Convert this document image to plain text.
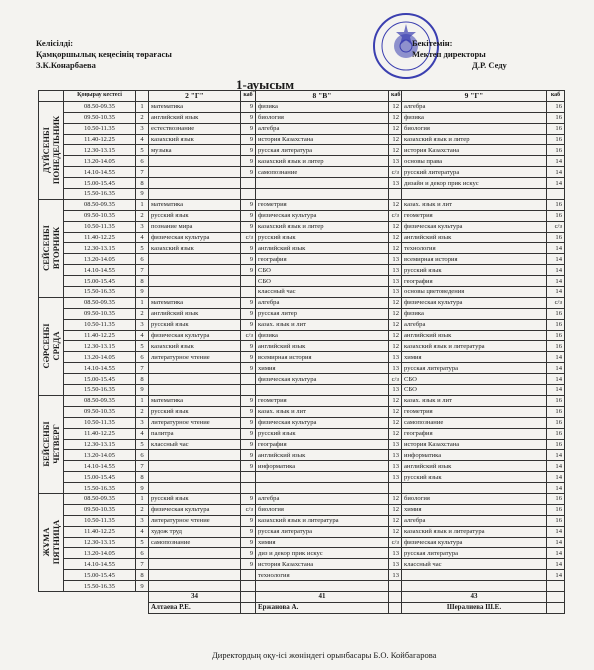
Келісілді:
Қамқоршылық кеңесінің төрағасы
З.К.Конарбаева
Бекітемін:
Мектеп директоры
Д.Р. Седу
1-ауысым
	Қоңырау кестесі		2 "Г"	каб	8 "В"	каб	9 "Г"	каб

ДҮЙСЕНБІ
ПОНЕДЕЛЬНИК	08.50-09.35	1	математика	9	физика	12	алгебра	16
	09.50-10.35	2	английский язык	9	биология	12	физика	16
	10.50-11.35	3	естествознание	9	алгебра	12	биология	16
	11.40-12.25	4	казахский язык	9	история Казахстана	12	казахский язык и литер	16
	12.30-13.15	5	музыка	9	русская литература	12	история Казахстана	16
	13.20-14.05	6		9	казахский язык и литер	13	основы права	14
	14.10-14.55	7		9	самопознание	с/з	русский литература	14
	15.00-15.45	8				13	дизайн и декор прик искус	14
	15.50-16.35	9						

СЕЙСЕНБІ
ВТОРНИК	08.50-09.35	1	математика	9	геометрия	12	казах. язык и лит	16
	09.50-10.35	2	русский язык	9	физическая культура	с/з	геометрия	16
	10.50-11.35	3	познание мира	9	казахский язык и литер	12	физическая культура	с/з
	11.40-12.25	4	физическая культура	с/з	русский язык	12	английский язык	16
	12.30-13.15	5	казахский язык	9	английский язык	12	технология	14
	13.20-14.05	6		9	география	13	всемирная история	14
	14.10-14.55	7		9	СБО	13	русский язык	14
	15.00-15.45	8			СБО	13	география	14
	15.50-16.35	9			классный час	13	основы цветоведения	14

СӘРСЕНБІ
СРЕДА	08.50-09.35	1	математика	9	алгебра	12	физическая культура	с/з
	09.50-10.35	2	английский язык	9	русская литер	12	физика	16
	10.50-11.35	3	русский язык	9	казах. язык и лит	12	алгебра	16
	11.40-12.25	4	физическая культура	с/з	физика	12	английский язык	16
	12.30-13.15	5	казахский язык	9	английский язык	12	казахский язык и литература	16
	13.20-14.05	6	литературное чтение	9	всемирная история	13	химия	14
	14.10-14.55	7		9	химия	13	русская литература	14
	15.00-15.45	8			физическая культура	с/з	СБО	14
	15.50-16.35	9				13	СБО	14

БЕЙСЕНБІ
ЧЕТВЕРГ	08.50-09.35	1	математика	9	геометрия	12	казах. язык и лит	16
	09.50-10.35	2	русский язык	9	казах. язык и лит	12	геометрия	16
	10.50-11.35	3	литературное чтение	9	физическая культура	12	самопознание	16
	11.40-12.25	4	палитра	9	русский язык	12	география	16
	12.30-13.15	5	классный час	9	география	13	история Казахстана	16
	13.20-14.05	6		9	английский язык	13	информатика	14
	14.10-14.55	7		9	информатика	13	английский язык	14
	15.00-15.45	8				13	русский язык	14
	15.50-16.35	9						14

ЖҰМА
ПЯТНИЦА	08.50-09.35	1	русский язык	9	алгебра	12	биология	16
	09.50-10.35	2	физическая культура	с/з	биология	12	химия	16
	10.50-11.35	3	литературное чтение	9	казахский язык и литература	12	алгебра	16
	11.40-12.25	4	худож труд	9	русская литература	12	казахский язык и литература	14
	12.30-13.15	5	самопознание	9	химия	с/з	физическая культура	14
	13.20-14.05	6		9	диз и декор прик искус	13	русская литература	14
	14.10-14.55	7		9	история Казахстана	13	классный час	14
	15.00-15.45	8			технология	13		14
	15.50-16.35	9						
			34		41		43	
			Алтаева Р.Е.		Ержанова А.		Шералиева Ш.Е.	
Директордың оқу-ісі жөніндегі орынбасары Б.О. Койбагарова
